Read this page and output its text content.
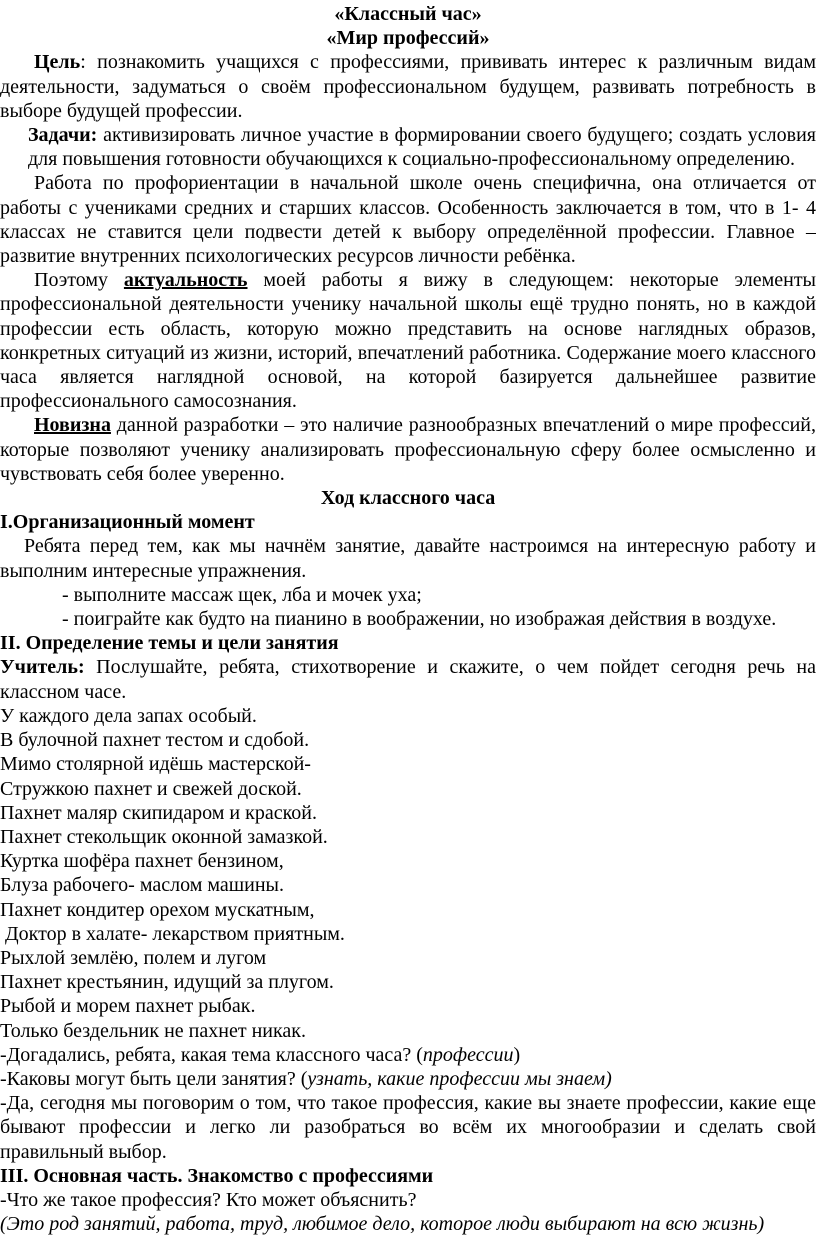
«Классный час»

«Мир профессий»

Цель: познакомить учащихся с профессиями, прививать интерес к различным видам деятельности, задуматься о своём профессиональном будущем, развивать потребность в выборе будущей профессии.

Задачи: активизировать личное участие в формировании своего будущего; создать условия для повышения готовности обучающихся к социально-профессиональному определению.

Работа по профориентации в начальной школе очень специфична, она отличается от работы с учениками средних и старших классов. Особенность заключается в том, что в 1- 4 классах не ставится цели подвести детей к выбору определённой профессии. Главное – развитие внутренних психологических ресурсов личности ребёнка.

Поэтому актуальность моей работы я вижу в следующем: некоторые элементы профессиональной деятельности ученику начальной школы ещё трудно понять, но в каждой профессии есть область, которую можно представить на основе наглядных образов, конкретных ситуаций из жизни, историй, впечатлений работника. Содержание моего классного часа является наглядной основой, на которой базируется дальнейшее развитие профессионального самосознания.

Новизна данной разработки – это наличие разнообразных впечатлений о мире профессий, которые позволяют ученику анализировать профессиональную сферу более осмысленно и чувствовать себя более уверенно.

Ход классного часа

I.Организационный момент

Ребята перед тем, как мы начнём занятие, давайте настроимся на интересную работу и выполним интересные упражнения.

- выполните массаж щек, лба и мочек уха;

- поиграйте как будто на пианино в воображении, но изображая действия в воздухе.

II. Определение темы и цели занятия

Учитель: Послушайте, ребята, стихотворение и скажите, о чем пойдет сегодня речь на классном часе.

У каждого дела запах особый.
В булочной пахнет тестом и сдобой.
Мимо столярной идёшь мастерской-
Стружкою пахнет и свежей доской.
Пахнет маляр скипидаром и краской.
Пахнет стекольщик оконной замазкой.
Куртка шофёра пахнет бензином,
Блуза рабочего- маслом машины.
Пахнет кондитер орехом мускатным,
Доктор в халате- лекарством приятным.
Рыхлой землёю, полем и лугом
Пахнет крестьянин, идущий за плугом.
Рыбой и морем пахнет рыбак.
Только бездельник не пахнет никак.

-Догадались, ребята, какая тема классного часа? (профессии)

-Каковы могут быть цели занятия? (узнать, какие профессии мы знаем)

-Да, сегодня мы поговорим о том, что такое профессия, какие вы знаете профессии, какие еще бывают профессии и легко ли разобраться во всём их многообразии и сделать свой правильный выбор.

III. Основная часть. Знакомство с профессиями

-Что же такое профессия? Кто может объяснить?

(Это род занятий, работа, труд, любимое дело, которое люди выбирают на всю жизнь)
